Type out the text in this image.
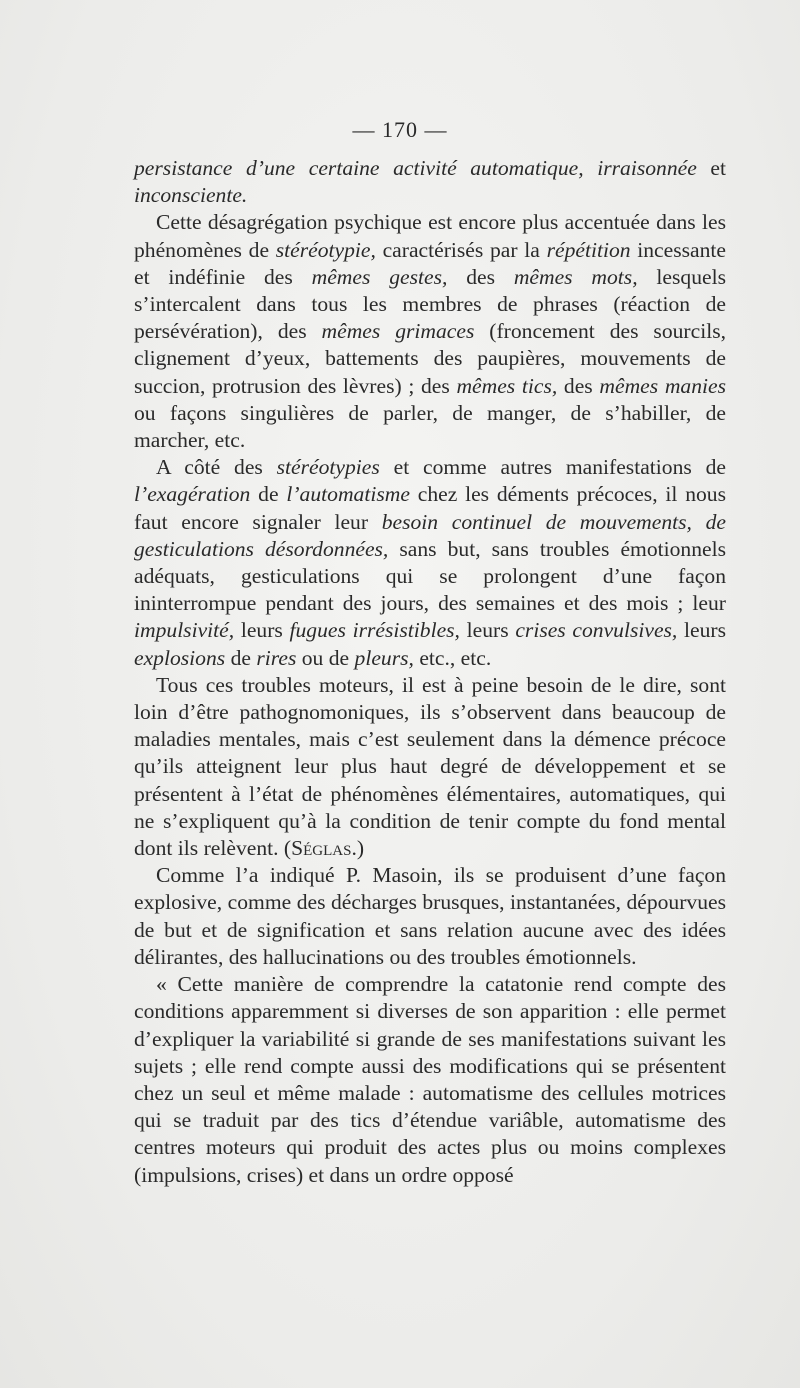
— 170 —

persistance d’une certaine activité automatique, irraisonnée et inconsciente.

Cette désagrégation psychique est encore plus accentuée dans les phénomènes de stéréotypie, caractérisés par la répétition incessante et indéfinie des mêmes gestes, des mêmes mots, lesquels s’intercalent dans tous les membres de phrases (réaction de persévération), des mêmes grimaces (froncement des sourcils, clignement d’yeux, battements des paupières, mouvements de succion, protrusion des lèvres) ; des mêmes tics, des mêmes manies ou façons singulières de parler, de manger, de s’habiller, de marcher, etc.

A côté des stéréotypies et comme autres manifestations de l’exagération de l’automatisme chez les déments précoces, il nous faut encore signaler leur besoin continuel de mouvements, de gesticulations désordonnées, sans but, sans troubles émotionnels adéquats, gesticulations qui se prolongent d’une façon ininterrompue pendant des jours, des semaines et des mois ; leur impulsivité, leurs fugues irrésistibles, leurs crises convulsives, leurs explosions de rires ou de pleurs, etc., etc.

Tous ces troubles moteurs, il est à peine besoin de le dire, sont loin d’être pathognomoniques, ils s’observent dans beaucoup de maladies mentales, mais c’est seulement dans la démence précoce qu’ils atteignent leur plus haut degré de développement et se présentent à l’état de phénomènes élémentaires, automatiques, qui ne s’expliquent qu’à la condition de tenir compte du fond mental dont ils relèvent. (Séglas.)

Comme l’a indiqué P. Masoin, ils se produisent d’une façon explosive, comme des décharges brusques, instantanées, dépourvues de but et de signification et sans relation aucune avec des idées délirantes, des hallucinations ou des troubles émotionnels.

« Cette manière de comprendre la catatonie rend compte des conditions apparemment si diverses de son apparition : elle permet d’expliquer la variabilité si grande de ses manifestations suivant les sujets ; elle rend compte aussi des modifications qui se présentent chez un seul et même malade : automatisme des cellules motrices qui se traduit par des tics d’étendue variâble, automatisme des centres moteurs qui produit des actes plus ou moins complexes (impulsions, crises) et dans un ordre opposé
